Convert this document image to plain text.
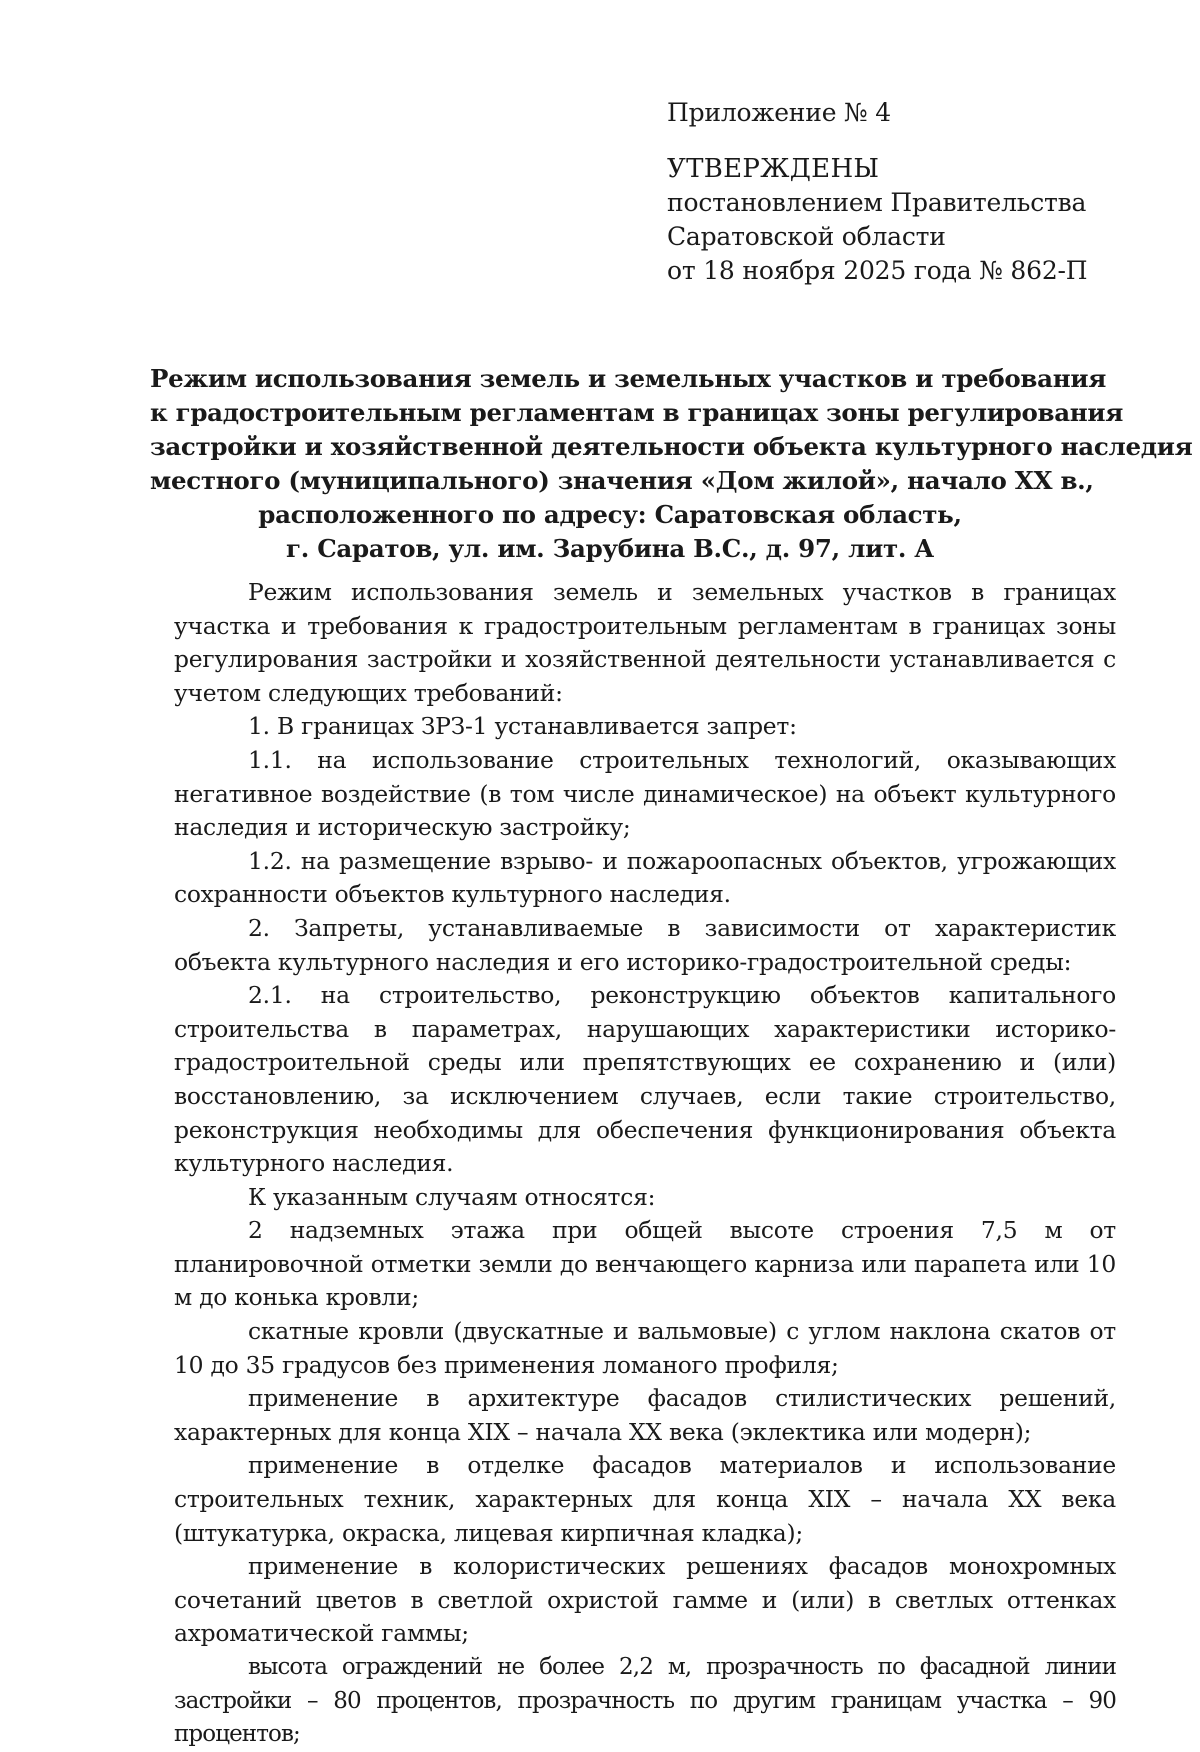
Приложение № 4
УТВЕРЖДЕНЫ
постановлением Правительства
Саратовской области
от 18 ноября 2025 года № 862-П
Режим использования земель и земельных участков и требования
к градостроительным регламентам в границах зоны регулирования
застройки и хозяйственной деятельности объекта культурного наследия
местного (муниципального) значения «Дом жилой», начало XX в.,
расположенного по адресу: Саратовская область,
г. Саратов, ул. им. Зарубина В.С., д. 97, лит. А

Режим использования земель и земельных участков в границах участка и требования к градостроительным регламентам в границах зоны регулирования застройки и хозяйственной деятельности устанавливается с учетом следующих требований:

1. В границах ЗРЗ-1 устанавливается запрет:

1.1. на использование строительных технологий, оказывающих негативное воздействие (в том числе динамическое) на объект культурного наследия и историческую застройку;

1.2. на размещение взрыво- и пожароопасных объектов, угрожающих сохранности объектов культурного наследия.

2. Запреты, устанавливаемые в зависимости от характеристик объекта культурного наследия и его историко-градостроительной среды:

2.1. на строительство, реконструкцию объектов капитального строительства в параметрах, нарушающих характеристики историко-градостроительной среды или препятствующих ее сохранению и (или) восстановлению, за исключением случаев, если такие строительство, реконструкция необходимы для обеспечения функционирования объекта культурного наследия.

К указанным случаям относятся:

2 надземных этажа при общей высоте строения 7,5 м от планировочной отметки земли до венчающего карниза или парапета или 10 м до конька кровли;

скатные кровли (двускатные и вальмовые) с углом наклона скатов от 10 до 35 градусов без применения ломаного профиля;

применение в архитектуре фасадов стилистических решений, характерных для конца XIX – начала XX века (эклектика или модерн);

применение в отделке фасадов материалов и использование строительных техник, характерных для конца XIX – начала XX века (штукатурка, окраска, лицевая кирпичная кладка);

применение в колористических решениях фасадов монохромных сочетаний цветов в светлой охристой гамме и (или) в светлых оттенках ахроматической гаммы;

высота ограждений не более 2,2 м, прозрачность по фасадной линии застройки – 80 процентов, прозрачность по другим границам участка – 90 процентов;
